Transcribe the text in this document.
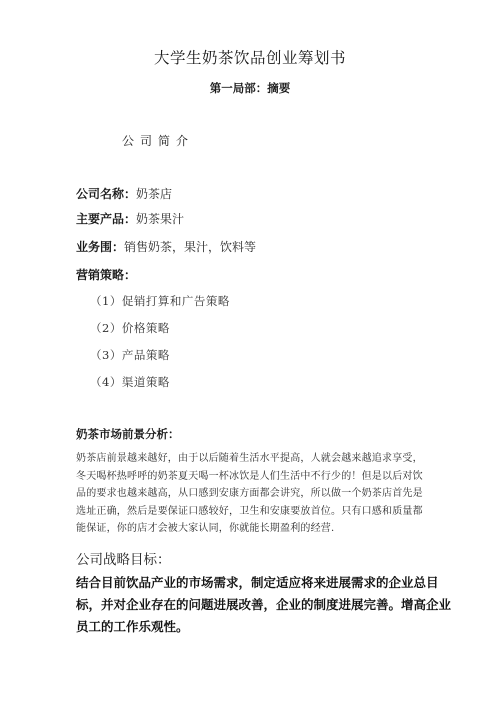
大学生奶茶饮品创业筹划书
第一局部：摘要
公司简介
公司名称：奶茶店
主要产品：奶茶果汁
业务围：销售奶茶，果汁，饮料等
营销策略：
（1）促销打算和广告策略
（2）价格策略
（3）产品策略
（4）渠道策略
奶茶市场前景分析：
奶茶店前景越来越好，由于以后随着生活水平提高，人就会越来越追求享受，
冬天喝杯热呼呼的奶茶夏天喝一杯冰饮是人们生活中不行少的！但是以后对饮
品的要求也越来越高，从口感到安康方面都会讲究，所以做一个奶茶店首先是
选址正确，然后是要保证口感较好，卫生和安康要放首位。只有口感和质量都
能保证，你的店才会被大家认同，你就能长期盈利的经营.
公司战略目标：
结合目前饮品产业的市场需求，制定适应将来进展需求的企业总目
标，并对企业存在的问题进展改善，企业的制度进展完善。增高企业
员工的工作乐观性。
